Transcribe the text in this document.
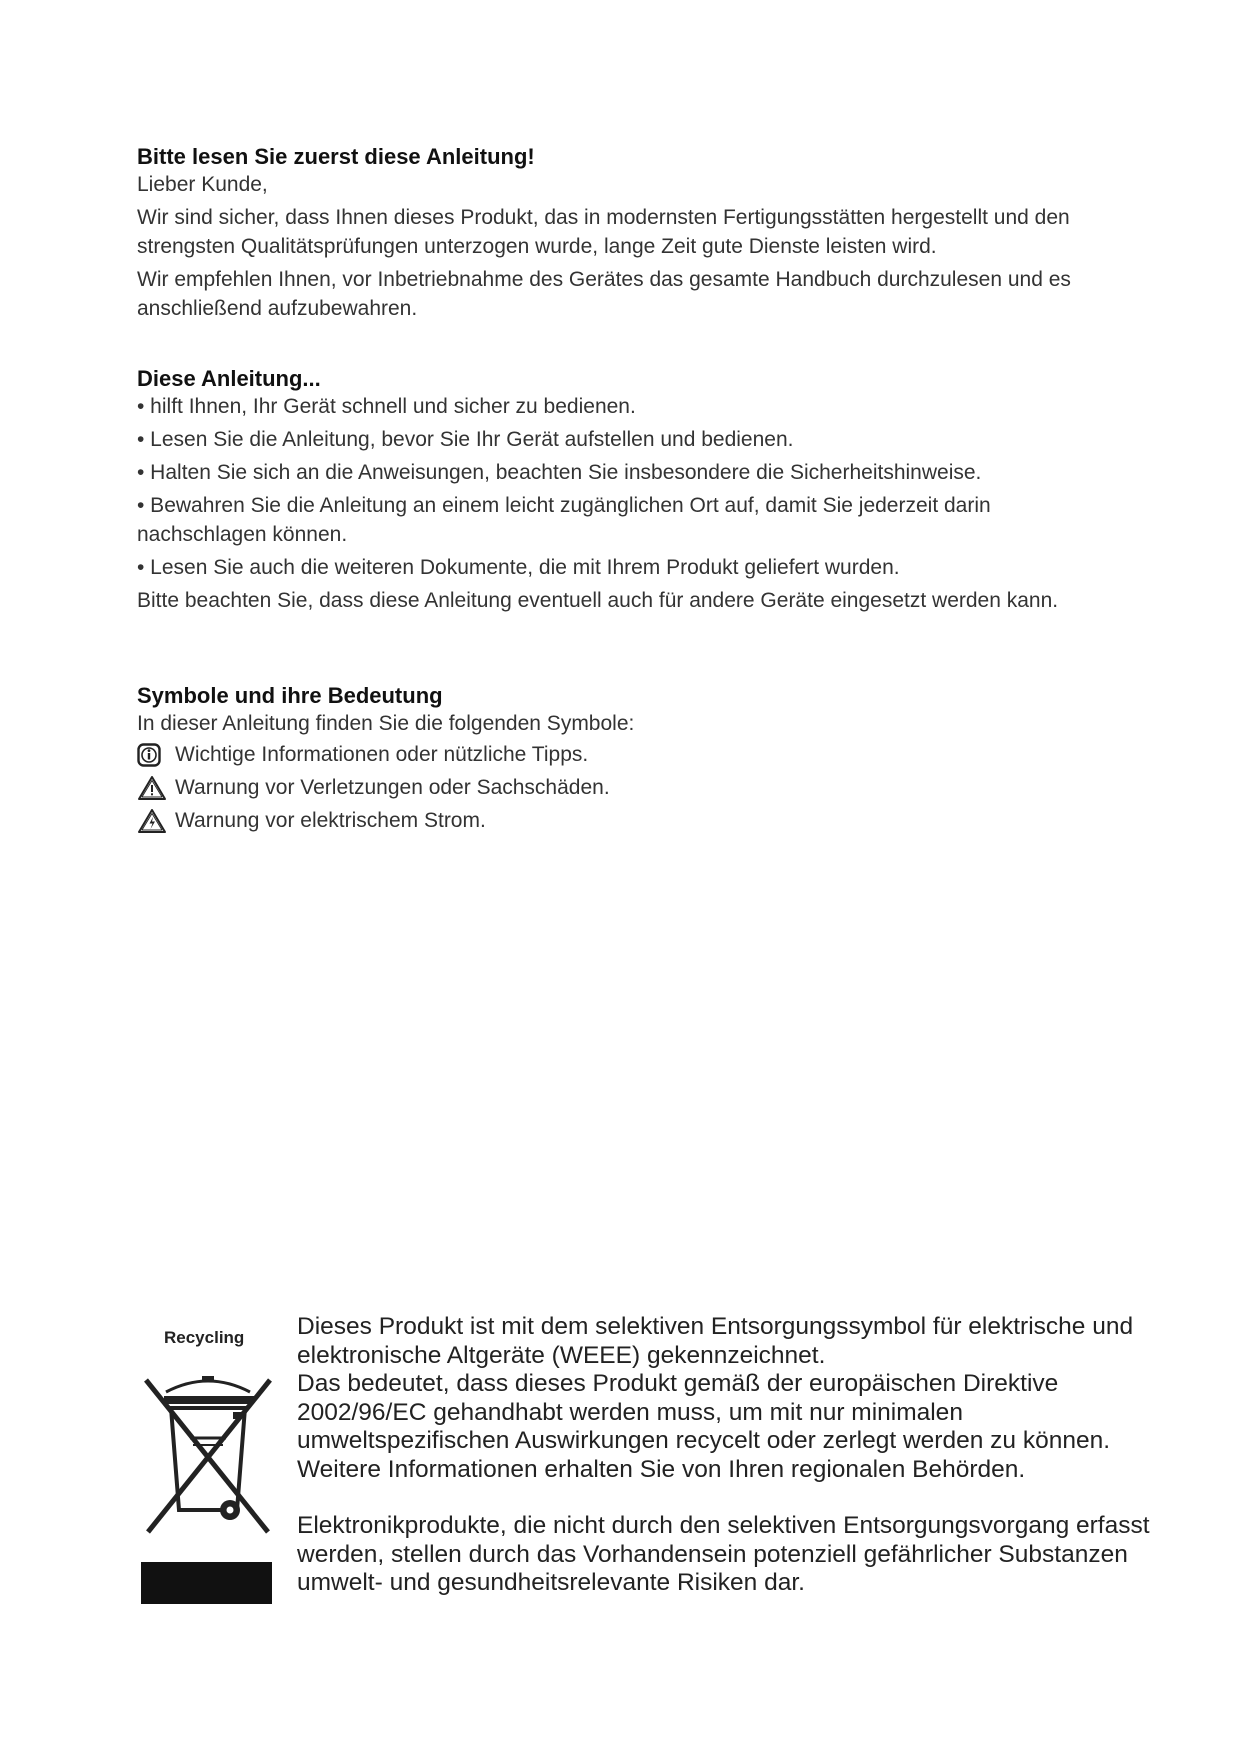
Bitte lesen Sie zuerst diese Anleitung!

Lieber Kunde,

Wir sind sicher, dass Ihnen dieses Produkt, das in modernsten Fertigungsstätten hergestellt und den strengsten Qualitätsprüfungen unterzogen wurde, lange Zeit gute Dienste leisten wird.

Wir empfehlen Ihnen, vor Inbetriebnahme des Gerätes das gesamte Handbuch durchzulesen und es anschließend aufzubewahren.

Diese Anleitung...

• hilft Ihnen, Ihr Gerät schnell und sicher zu bedienen.

• Lesen Sie die Anleitung, bevor Sie Ihr Gerät aufstellen und bedienen.

• Halten Sie sich an die Anweisungen, beachten Sie insbesondere die Sicherheitshinweise.

• Bewahren Sie die Anleitung an einem leicht zugänglichen Ort auf, damit Sie jederzeit darin nachschlagen können.

• Lesen Sie auch die weiteren Dokumente, die mit Ihrem Produkt geliefert wurden.

Bitte beachten Sie, dass diese Anleitung eventuell auch für andere Geräte eingesetzt werden kann.

Symbole und ihre Bedeutung

In dieser Anleitung finden Sie die folgenden Symbole:

Wichtige Informationen oder nützliche Tipps.
Warnung vor Verletzungen oder Sachschäden.
Warnung vor elektrischem Strom.
Recycling Dieses Produkt ist mit dem selektiven Entsorgungssymbol für elektrische und elektronische Altgeräte (WEEE) gekennzeichnet.

Das bedeutet, dass dieses Produkt gemäß der europäischen Direktive 2002/96/EC gehandhabt werden muss, um mit nur minimalen umweltspezifischen Auswirkungen recycelt oder zerlegt werden zu können. Weitere Informationen erhalten Sie von Ihren regionalen Behörden.

Elektronikprodukte, die nicht durch den selektiven Entsorgungsvorgang erfasst werden, stellen durch das Vorhandensein potenziell gefährlicher Substanzen umwelt- und gesundheitsrelevante Risiken dar.
